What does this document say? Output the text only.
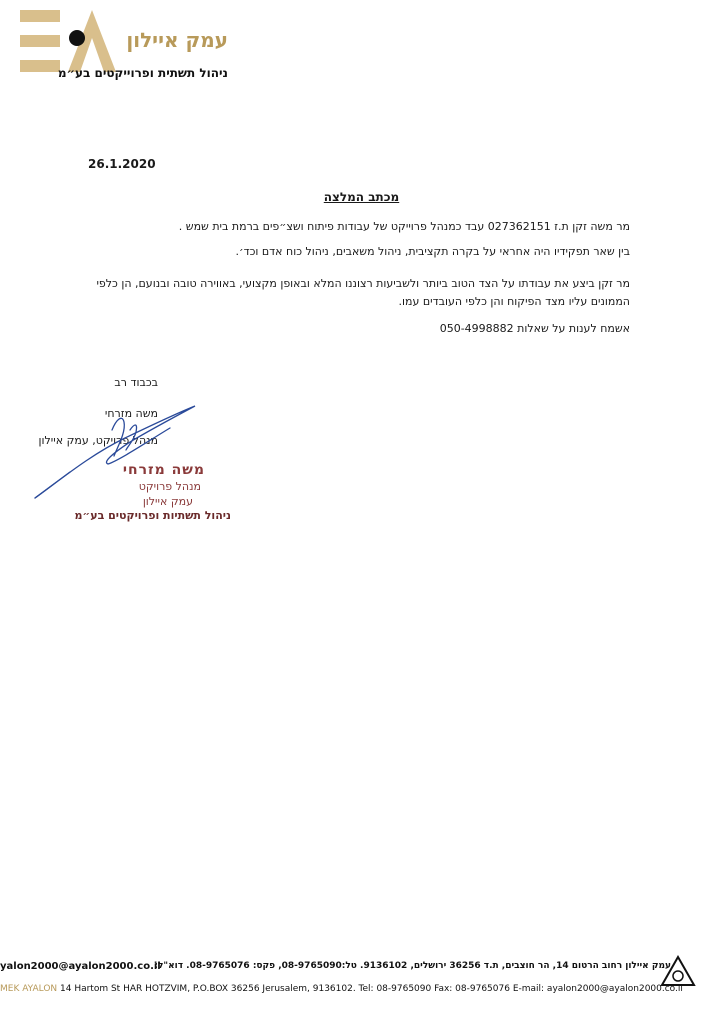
עמק איילון
ניהול תשתית ופרוייקטים בע״מ
26.1.2020
מכתב המלצה
מר משה זקן ת.ז 027362151 עבד כמנהל פרוייקט של עבודות פיתוח ושצ״פים ברמת בית שמש .
בין שאר תפקידיו היה אחראי על בקרה תקציבית, ניהול משאבים, ניהול כוח אדם וכד׳.
מר זקן ביצע את עבודתו על הצד הטוב ביותר ולשביעות רצוננו המלא ובאופן מקצועי, באווירה טובה ובנועם, הן כלפי הממונים עליו מצד הפיקוח והן כלפי העובדים עמו.
אשמח לענות על שאלות 050-4998882
בכבוד רב
משה מזרחי
מנהל פרויקט, עמק איילון
משה מזרחי
מנהל פרויקט
עמק איילון
ניהול תשתיות ופרויקטים בע״מ
עמק איילון רחוב הרטום 14, הר חוצבים, ת.ד 36256 ירושלים, 9136102. טל:08-9765090, פקס: 08-9765076. דוא"ל:
yalon2000@ayalon2000.co.il
MEK AYALON 14 Hartom St HAR HOTZVIM, P.O.BOX 36256 Jerusalem, 9136102. Tel: 08-9765090 Fax: 08-9765076 E-mail: ayalon2000@ayalon2000.co.il
